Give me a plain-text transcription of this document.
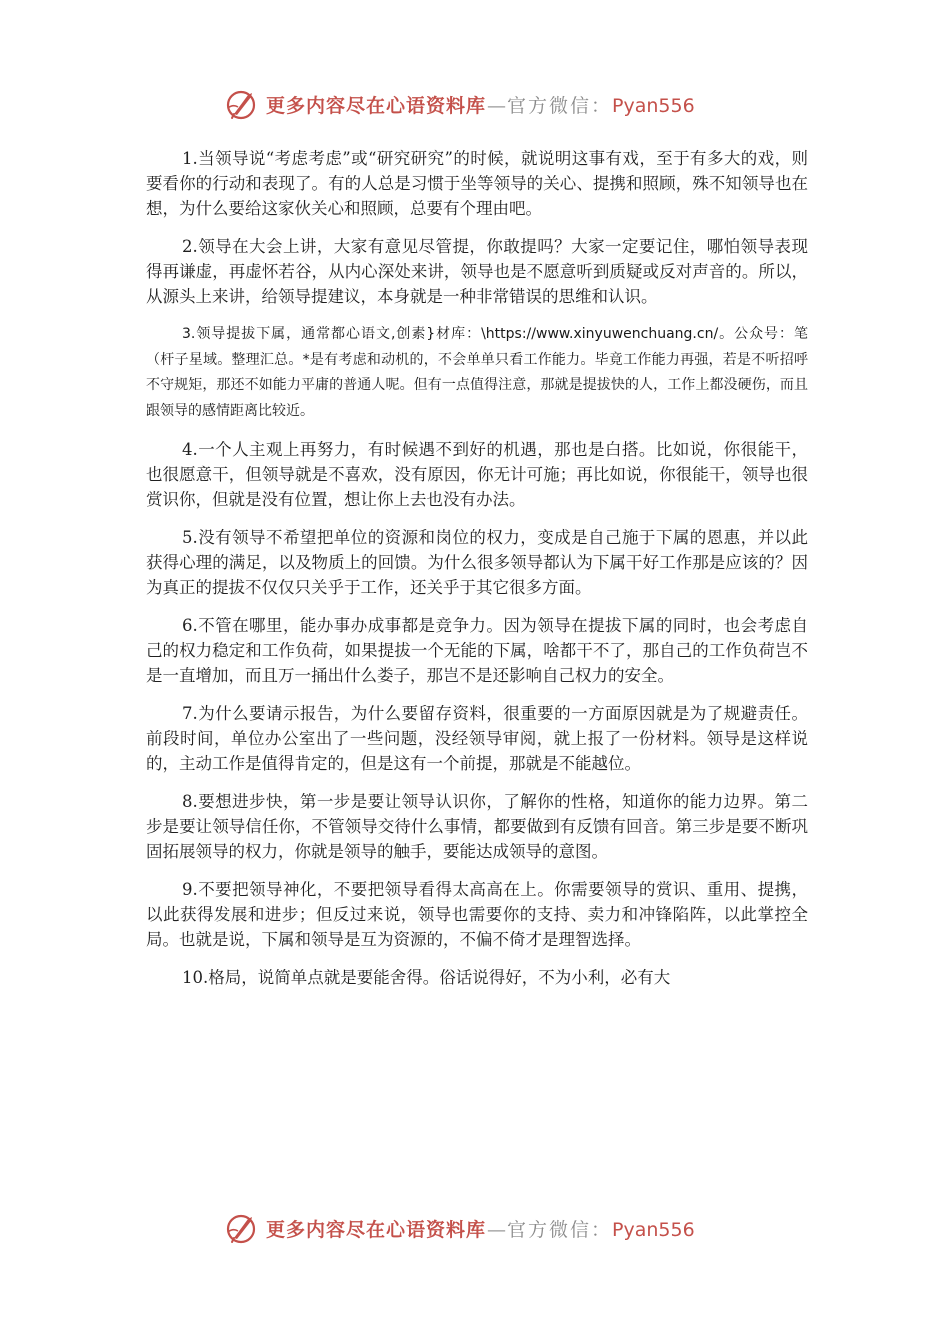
更多内容尽在心语资料库 — 官方微信： Pyan556

1.当领导说“考虑考虑”或“研究研究”的时候，就说明这事有戏，至于有多大的戏，则要看你的行动和表现了。有的人总是习惯于坐等领导的关心、提携和照顾，殊不知领导也在想，为什么要给这家伙关心和照顾，总要有个理由吧。

2.领导在大会上讲，大家有意见尽管提，你敢提吗？大家一定要记住，哪怕领导表现得再谦虚，再虚怀若谷，从内心深处来讲，领导也是不愿意听到质疑或反对声音的。所以，从源头上来讲，给领导提建议，本身就是一种非常错误的思维和认识。

3.领导提拔下属，通常都心语文,创素}材库：\https://www.xinyuwenchuang.cn/。公众号：笔（杆子星域。整理汇总。*是有考虑和动机的，不会单单只看工作能力。毕竟工作能力再强，若是不听招呼不守规矩，那还不如能力平庸的普通人呢。但有一点值得注意，那就是提拔快的人，工作上都没硬伤，而且跟领导的感情距离比较近。

4.一个人主观上再努力，有时候遇不到好的机遇，那也是白搭。比如说，你很能干，也很愿意干，但领导就是不喜欢，没有原因，你无计可施；再比如说，你很能干，领导也很赏识你，但就是没有位置，想让你上去也没有办法。

5.没有领导不希望把单位的资源和岗位的权力，变成是自己施于下属的恩惠，并以此获得心理的满足，以及物质上的回馈。为什么很多领导都认为下属干好工作那是应该的？因为真正的提拔不仅仅只关乎于工作，还关乎于其它很多方面。

6.不管在哪里，能办事办成事都是竞争力。因为领导在提拔下属的同时，也会考虑自己的权力稳定和工作负荷，如果提拔一个无能的下属，啥都干不了，那自己的工作负荷岂不是一直增加，而且万一捅出什么娄子，那岂不是还影响自己权力的安全。

7.为什么要请示报告，为什么要留存资料，很重要的一方面原因就是为了规避责任。前段时间，单位办公室出了一些问题，没经领导审阅，就上报了一份材料。领导是这样说的，主动工作是值得肯定的，但是这有一个前提，那就是不能越位。

8.要想进步快，第一步是要让领导认识你，了解你的性格，知道你的能力边界。第二步是要让领导信任你，不管领导交待什么事情，都要做到有反馈有回音。第三步是要不断巩固拓展领导的权力，你就是领导的触手，要能达成领导的意图。

9.不要把领导神化，不要把领导看得太高高在上。你需要领导的赏识、重用、提携，以此获得发展和进步；但反过来说，领导也需要你的支持、卖力和冲锋陷阵，以此掌控全局。也就是说，下属和领导是互为资源的，不偏不倚才是理智选择。

10.格局，说简单点就是要能舍得。俗话说得好，不为小利，必有大

更多内容尽在心语资料库 — 官方微信： Pyan556
